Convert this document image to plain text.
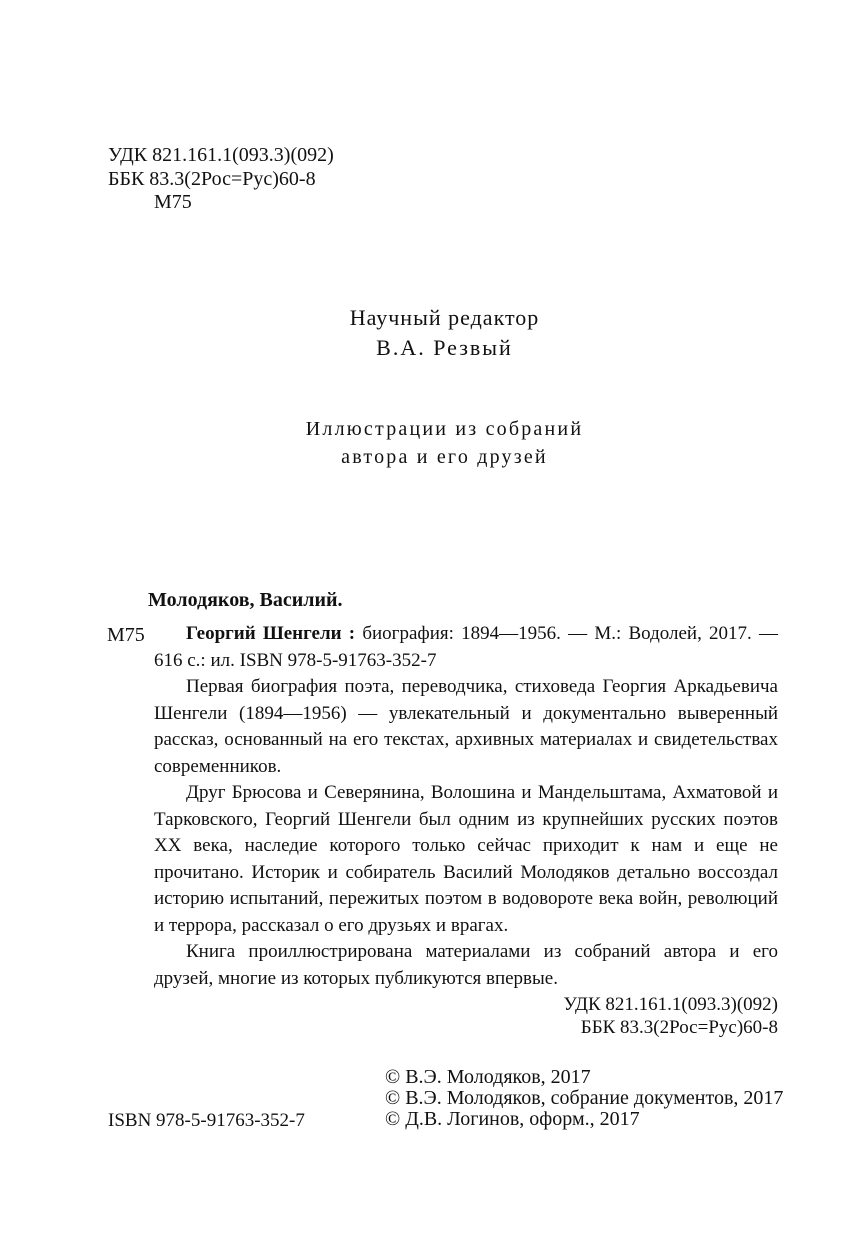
УДК 821.161.1(093.3)(092)
ББК 83.3(2Рос=Рус)60-8
М75
Научный редактор
В.А. Резвый
Иллюстрации из собраний
автора и его друзей
Молодяков, Василий.
М75	Георгий Шенгели : биография: 1894—1956. — М.: Водолей, 2017. — 616 с.: ил. ISBN 978-5-91763-352-7
Первая биография поэта, переводчика, стиховеда Георгия Аркадьевича Шенгели (1894—1956) — увлекательный и документально выверенный рассказ, основанный на его текстах, архивных материалах и свидетельствах современников.
Друг Брюсова и Северянина, Волошина и Мандельштама, Ахматовой и Тарковского, Георгий Шенгели был одним из крупнейших русских поэтов XX века, наследие которого только сейчас приходит к нам и еще не прочитано. Историк и собиратель Василий Молодяков детально воссоздал историю испытаний, пережитых поэтом в водовороте века войн, революций и террора, рассказал о его друзьях и врагах.
Книга проиллюстрирована материалами из собраний автора и его друзей, многие из которых публикуются впервые.
УДК 821.161.1(093.3)(092)
ББК 83.3(2Рос=Рус)60-8
© В.Э. Молодяков, 2017
© В.Э. Молодяков, собрание документов, 2017
© Д.В. Логинов, оформ., 2017
ISBN 978-5-91763-352-7
